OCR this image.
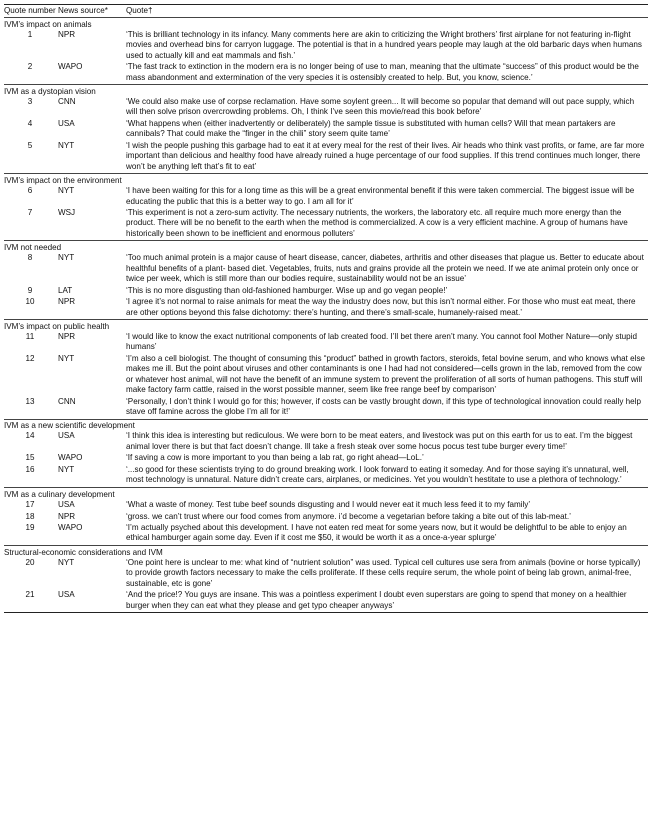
Quote number	News source*	Quote†
IVM’s impact on animals		
1	NPR	‘This is brilliant technology in its infancy. Many comments here are akin to criticizing the Wright brothers’ first airplane for not featuring in-flight movies and overhead bins for carryon luggage. The potential is that in a hundred years people may laugh at the old barbaric days when humans used to actually kill and eat mammals and fish.’
2	WAPO	‘The fast track to extinction in the modern era is no longer being of use to man, meaning that the ultimate “success” of this product would be the mass abandonment and extermination of the very species it is ostensibly created to help. But, you know, science.’
IVM as a dystopian vision		
3	CNN	‘We could also make use of corpse reclamation. Have some soylent green... It will become so popular that demand will out pace supply, which will then solve prison overcrowding problems. Oh, I think I’ve seen this movie/read this book before’
4	USA	‘What happens when (either inadvertently or deliberately) the sample tissue is substituted with human cells? Will that mean partakers are cannibals? That could make the “finger in the chili” story seem quite tame’
5	NYT	‘I wish the people pushing this garbage had to eat it at every meal for the rest of their lives. Air heads who think vast profits, or fame, are far more important than delicious and healthy food have already ruined a huge percentage of our food supplies. If this trend continues much longer, there won’t be anything left that’s fit to eat’
IVM’s impact on the environment		
6	NYT	‘I have been waiting for this for a long time as this will be a great environmental benefit if this were taken commercial. The biggest issue will be educating the public that this is a better way to go. I am all for it’
7	WSJ	‘This experiment is not a zero-sum activity. The necessary nutrients, the workers, the laboratory etc. all require much more energy than the product. There will be no benefit to the earth when the method is commercialized. A cow is a very efficient machine. A group of humans have historically been shown to be inefficient and enormous polluters’
IVM not needed		
8	NYT	‘Too much animal protein is a major cause of heart disease, cancer, diabetes, arthritis and other diseases that plague us. Better to educate about healthful benefits of a plant- based diet. Vegetables, fruits, nuts and grains provide all the protein we need. If we ate animal protein only once or twice per week, which is still more than our bodies require, sustainability would not be an issue’
9	LAT	‘This is no more disgusting than old-fashioned hamburger. Wise up and go vegan people!’
10	NPR	‘I agree it’s not normal to raise animals for meat the way the industry does now, but this isn’t normal either. For those who must eat meat, there are other options beyond this false dichotomy: there’s hunting, and there’s small-scale, humanely-raised meat.’
IVM’s impact on public health		
11	NPR	‘I would like to know the exact nutritional components of lab created food. I’ll bet there aren’t many. You cannot fool Mother Nature—only stupid humans’
12	NYT	‘I’m also a cell biologist. The thought of consuming this “product” bathed in growth factors, steroids, fetal bovine serum, and who knows what else makes me ill. But the point about viruses and other contaminants is one I had had not considered—cells grown in the lab, removed from the cow or whatever host animal, will not have the benefit of an immune system to prevent the proliferation of all sorts of human pathogens. This stuff will make factory farm cattle, raised in the worst possible manner, seem like free range beef by comparison’
13	CNN	‘Personally, I don’t think I would go for this; however, if costs can be vastly brought down, if this type of technological innovation could really help stave off famine across the globe I’m all for it!’
IVM as a new scientific development		
14	USA	‘I think this idea is interesting but rediculous. We were born to be meat eaters, and livestock was put on this earth for us to eat. I’m the biggest animal lover there is but that fact doesn’t change. Ill take a fresh steak over some hocus pocus test tube burger every time!’
15	WAPO	‘If saving a cow is more important to you than being a lab rat, go right ahead—LoL.’
16	NYT	‘...so good for these scientists trying to do ground breaking work. I look forward to eating it someday. And for those saying it’s unnatural, well, most technology is unnatural. Nature didn’t create cars, airplanes, or medicines. Yet you wouldn’t hestitate to use a plethora of technology.’
IVM as a culinary development		
17	USA	‘What a waste of money. Test tube beef sounds disgusting and I would never eat it much less feed it to my family’
18	NPR	‘gross. we can’t trust where our food comes from anymore. i’d become a vegetarian before taking a bite out of this lab-meat.’
19	WAPO	‘I’m actually psyched about this development. I have not eaten red meat for some years now, but it would be delightful to be able to enjoy an ethical hamburger again some day. Even if it cost me $50, it would be worth it as a once-a-year splurge’
Structural-economic considerations and IVM		
20	NYT	‘One point here is unclear to me: what kind of “nutrient solution” was used. Typical cell cultures use sera from animals (bovine or horse typically) to provide growth factors necessary to make the cells proliferate. If these cells require serum, the whole point of being lab grown, animal-free, sustainable, etc is gone’
21	USA	‘And the price!? You guys are insane. This was a pointless experiment I doubt even superstars are going to spend that money on a healthier burger when they can eat what they please and get typo cheaper anyways’
